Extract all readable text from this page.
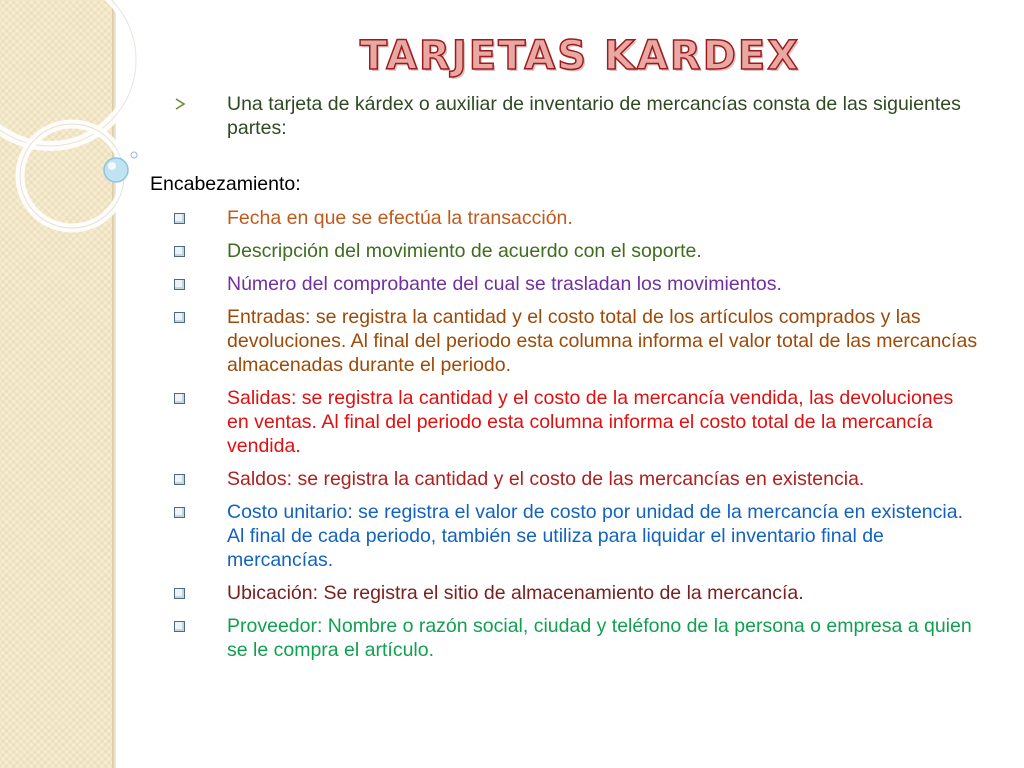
TARJETAS KARDEX
Una tarjeta de kárdex o auxiliar de inventario de mercancías consta de las siguientes partes:
Encabezamiento:
Fecha en que se efectúa la transacción.
Descripción del movimiento de acuerdo con el soporte.
Número del comprobante del cual se trasladan los movimientos.
Entradas: se registra la cantidad y el costo total de los artículos comprados y las devoluciones. Al final del periodo esta columna informa el valor total de las mercancías almacenadas durante el periodo.
Salidas: se registra la cantidad y el costo de la mercancía vendida, las devoluciones en ventas. Al final del periodo esta columna informa el costo total de la mercancía vendida.
Saldos: se registra la cantidad y el costo de las mercancías en existencia.
Costo unitario: se registra el valor de costo por unidad de la mercancía en existencia. Al final de cada periodo, también se utiliza para liquidar el inventario final de mercancías.
Ubicación: Se registra el sitio de almacenamiento de la mercancía.
Proveedor: Nombre o razón social, ciudad y teléfono de la persona o empresa a quien se le compra el artículo.
